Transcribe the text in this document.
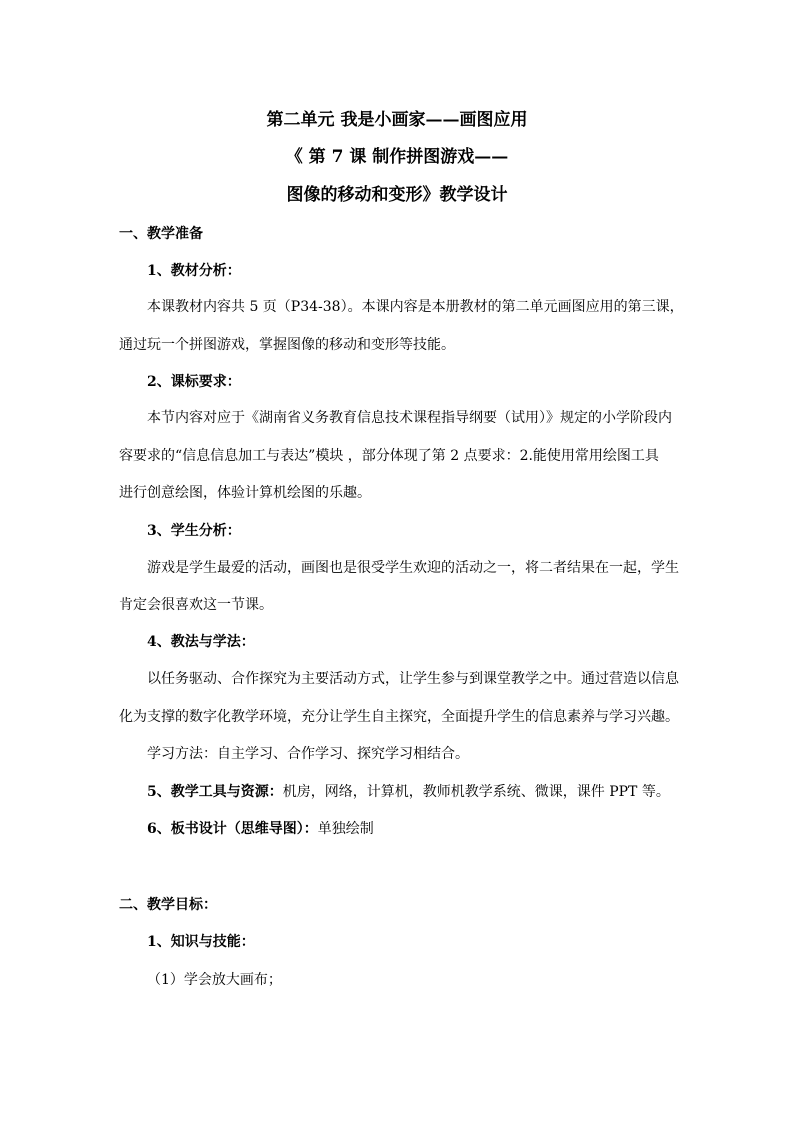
第二单元 我是小画家——画图应用
《 第 7 课 制作拼图游戏——
图像的移动和变形》教学设计
一、教学准备
1、教材分析：
本课教材内容共 5 页（P34-38）。本课内容是本册教材的第二单元画图应用的第三课，
通过玩一个拼图游戏，掌握图像的移动和变形等技能。
2、课标要求：
本节内容对应于《湖南省义务教育信息技术课程指导纲要（试用）》规定的小学阶段内
容要求的“信息信息加工与表达”模块 ，部分体现了第 2 点要求：2.能使用常用绘图工具
进行创意绘图，体验计算机绘图的乐趣。
3、学生分析：
游戏是学生最爱的活动，画图也是很受学生欢迎的活动之一，将二者结果在一起，学生
肯定会很喜欢这一节课。
4、教法与学法：
以任务驱动、合作探究为主要活动方式，让学生参与到课堂教学之中。通过营造以信息
化为支撑的数字化教学环境，充分让学生自主探究，全面提升学生的信息素养与学习兴趣。
学习方法：自主学习、合作学习、探究学习相结合。
5、教学工具与资源：机房，网络，计算机，教师机教学系统、微课，课件 PPT 等。
6、板书设计（思维导图）：单独绘制
二、教学目标：
1、知识与技能：
（1）学会放大画布；
